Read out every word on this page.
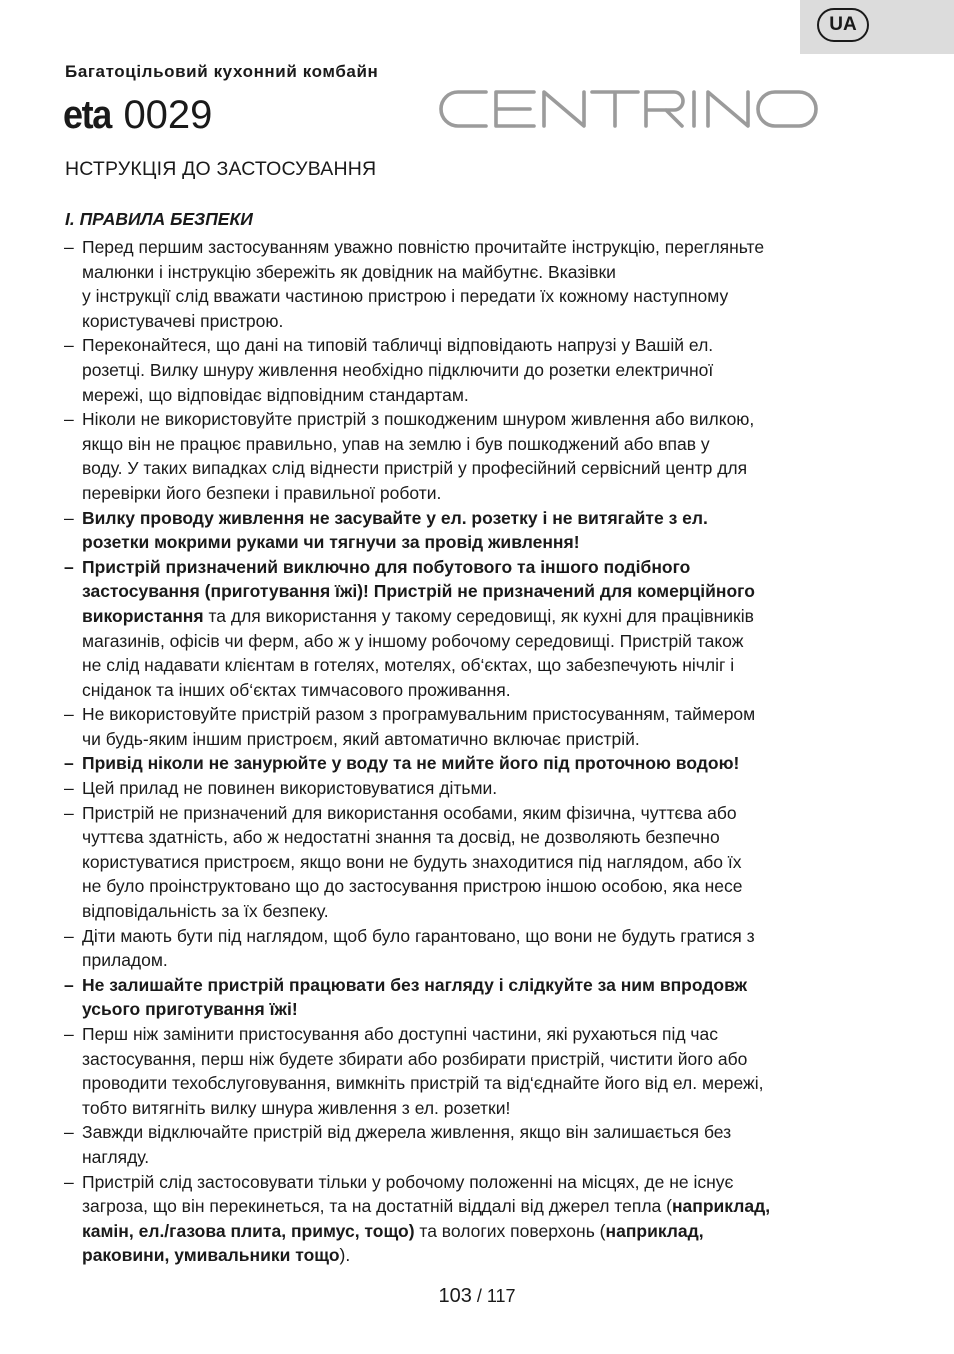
UA
Багатоцільовий кухонний комбайн
eta 0029
НСТРУКЦІЯ ДО ЗАСТОСУВАННЯ
I. ПРАВИЛА БЕЗПЕКИ
– Перед першим застосуванням уважно повністю прочитайте інструкцію, перегляньте
малюнки і інструкцію збережіть як довідник на майбутнє. Вказівки
у інструкції слід вважати частиною пристрою і передати їх кожному наступному
користувачеві пристрою.
– Переконайтеся, що дані на типовій табличці відповідають напрузі у Вашій ел.
розетці. Вилку шнуру живлення необхідно підключити до розетки електричної
мережі, що відповідає відповідним стандартам.
– Ніколи не використовуйте пристрій з пошкодженим шнуром живлення або вилкою,
якщо він не працює правильно, упав на землю і був пошкоджений або впав у
воду. У таких випадках слід віднести пристрій у професійний сервісний центр для
перевірки його безпеки і правильної роботи.
– Вилку проводу живлення не засувайте у ел. розетку і не витягайте з ел.
розетки мокрими руками чи тягнучи за провід живлення!
– Пристрій призначений виключно для побутового та іншого подібного
застосування (приготування їжі)! Пристрій не призначений для комерційного
використання та для використання у такому середовищі, як кухні для працівників
магазинів, офісів чи ферм, або ж у іншому робочому середовищі. Пристрій також
не слід надавати клієнтам в готелях, мотелях, об‘єктах, що забезпечують нічліг і
сніданок та інших об‘єктах тимчасового проживання.
– Не використовуйте пристрій разом з програмувальним пристосуванням, таймером
чи будь-яким іншим пристроєм, який автоматично включає пристрій.
– Привід ніколи не занурюйте у воду та не мийте його під проточною водою!
– Цей прилад не повинен використовуватися дітьми.
– Пристрій не призначений для використання особами, яким фізична, чуттєва або
чуттєва здатність, або ж недостатні знання та досвід, не дозволяють безпечно
користуватися пристроєм, якщо вони не будуть знаходитися під наглядом, або їх
не було проінструктовано що до застосування пристрою іншою особою, яка несе
відповідальність за їх безпеку.
– Діти мають бути під наглядом, щоб було гарантовано, що вони не будуть гратися з
приладом.
– Не залишайте пристрій працювати без нагляду і слідкуйте за ним впродовж
усього приготування їжі!
– Перш ніж замінити пристосування або доступні частини, які рухаються під час
застосування, перш ніж будете збирати або розбирати пристрій, чистити його або
проводити техобслуговування, вимкніть пристрій та від‘єднайте його від ел. мережі,
тобто витягніть вилку шнура живлення з ел. розетки!
– Завжди відключайте пристрій від джерела живлення, якщо він залишається без
нагляду.
– Пристрій слід застосовувати тільки у робочому положенні на місцях, де не існує
загроза, що він перекинеться, та на достатній віддалі від джерел тепла (наприклад,
камін, ел./газова плита, примус, тощо) та вологих поверхонь (наприклад,
раковини, умивальники тощо).
103 / 117
